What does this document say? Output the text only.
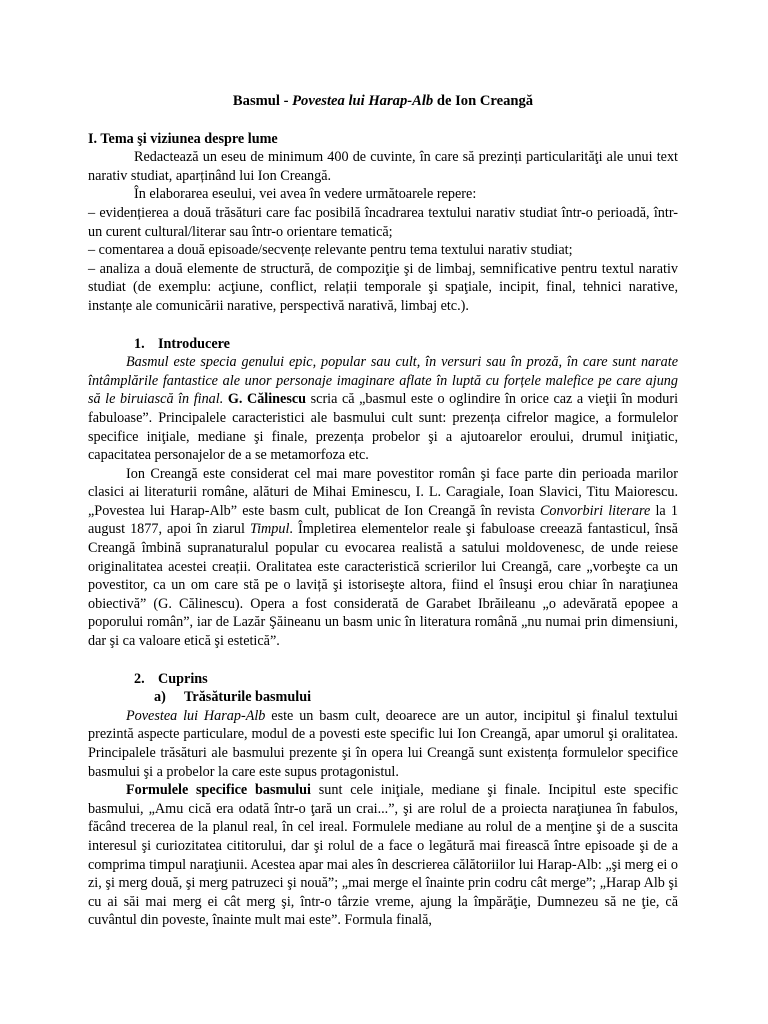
Basmul - Povestea lui Harap-Alb de Ion Creangă

I. Tema şi viziunea despre lume

Redactează un eseu de minimum 400 de cuvinte, în care să prezinți particularităţi ale unui text narativ studiat, aparținând lui Ion Creangă.

În elaborarea eseului, vei avea în vedere următoarele repere:

– evidențierea a două trăsături care fac posibilă încadrarea textului narativ studiat într-o perioadă, într-un curent cultural/literar sau într-o orientare tematică;

– comentarea a două episoade/secvențe relevante pentru tema textului narativ studiat;

– analiza a două elemente de structură, de compoziţie şi de limbaj, semnificative pentru textul narativ studiat (de exemplu: acţiune, conflict, relații temporale şi spaţiale, incipit, final, tehnici narative, instanțe ale comunicării narative, perspectivă narativă, limbaj etc.).

1. Introducere

Basmul este specia genului epic, popular sau cult, în versuri sau în proză, în care sunt narate întâmplările fantastice ale unor personaje imaginare aflate în luptă cu forțele malefice pe care ajung să le biruiască în final. G. Călinescu scria că „basmul este o oglindire în orice caz a vieţii în moduri fabuloase”. Principalele caracteristici ale basmului cult sunt: prezența cifrelor magice, a formulelor specifice iniţiale, mediane şi finale, prezența probelor şi a ajutoarelor eroului, drumul iniţiatic, capacitatea personajelor de a se metamorfoza etc.

Ion Creangă este considerat cel mai mare povestitor român şi face parte din perioada marilor clasici ai literaturii române, alături de Mihai Eminescu, I. L. Caragiale, Ioan Slavici, Titu Maiorescu. „Povestea lui Harap-Alb” este basm cult, publicat de Ion Creangă în revista Convorbiri literare la 1 august 1877, apoi în ziarul Timpul. Împletirea elementelor reale şi fabuloase creează fantasticul, însă Creangă îmbină supranaturalul popular cu evocarea realistă a satului moldovenesc, de unde reiese originalitatea acestei creații. Oralitatea este caracteristică scrierilor lui Creangă, care „vorbeşte ca un povestitor, ca un om care stă pe o laviță şi istoriseşte altora, fiind el însuşi erou chiar în naraţiunea obiectivă” (G. Călinescu). Opera a fost considerată de Garabet Ibrăileanu „o adevărată epopee a poporului român”, iar de Lazăr Şăineanu un basm unic în literatura română „nu numai prin dimensiuni, dar şi ca valoare etică şi estetică”.

2. Cuprins

a) Trăsăturile basmului

Povestea lui Harap-Alb este un basm cult, deoarece are un autor, incipitul şi finalul textului prezintă aspecte particulare, modul de a povesti este specific lui Ion Creangă, apar umorul şi oralitatea. Principalele trăsături ale basmului prezente şi în opera lui Creangă sunt existența formulelor specifice basmului şi a probelor la care este supus protagonistul.

Formulele specifice basmului sunt cele iniţiale, mediane şi finale. Incipitul este specific basmului, „Amu cică era odată într-o ţară un crai...”, şi are rolul de a proiecta naraţiunea în fabulos, făcând trecerea de la planul real, în cel ireal. Formulele mediane au rolul de a menţine şi de a suscita interesul şi curiozitatea cititorului, dar şi rolul de a face o legătură mai firească între episoade şi de a comprima timpul naraţiunii. Acestea apar mai ales în descrierea călătoriilor lui Harap-Alb: „şi merg ei o zi, şi merg două, şi merg patruzeci şi nouă”; „mai merge el înainte prin codru cât merge”; „Harap Alb şi cu ai săi mai merg ei cât merg şi, într-o târzie vreme, ajung la împărăţie, Dumnezeu să ne ţie, că cuvântul din poveste, înainte mult mai este”. Formula finală,
